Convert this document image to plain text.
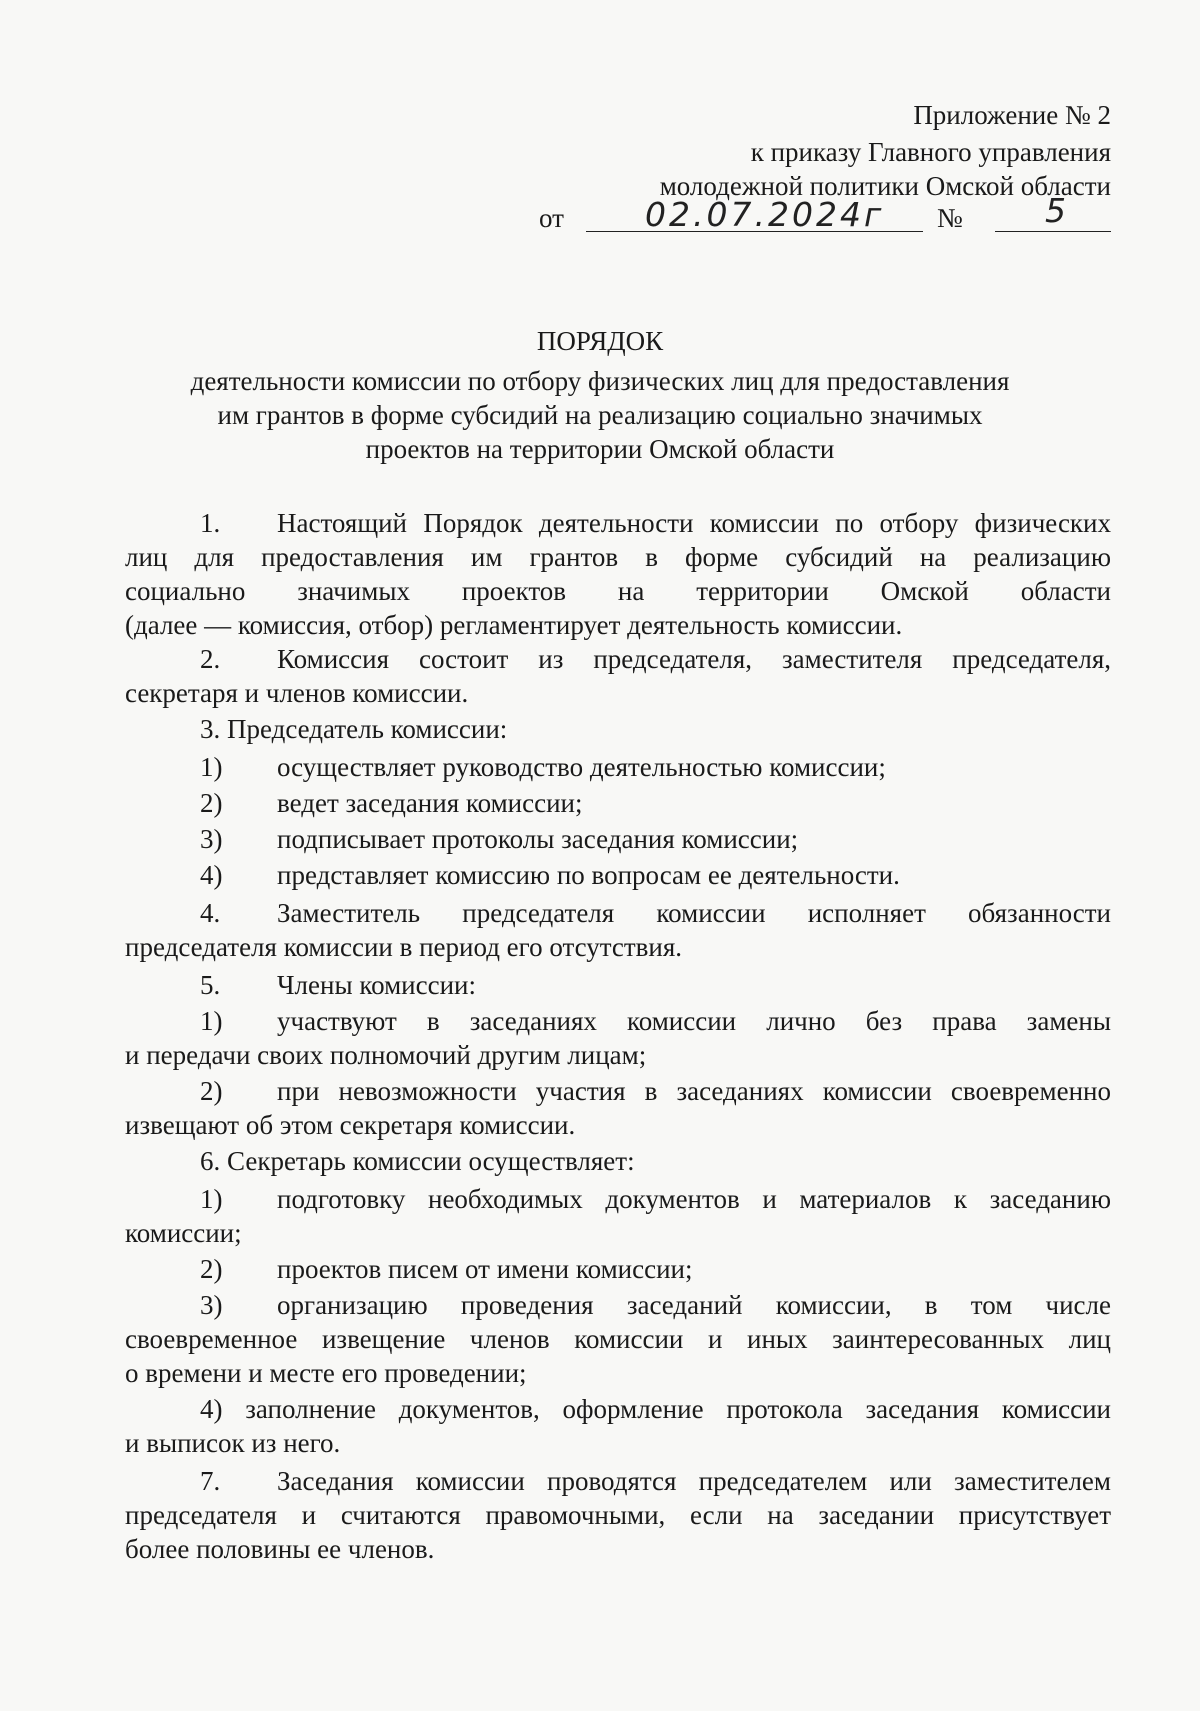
Приложение № 2
к приказу Главного управления
молодежной политики Омской области
от 02.07.2024г № 5
ПОРЯДОК
деятельности комиссии по отбору физических лиц для предоставления
им грантов в форме субсидий на реализацию социально значимых
проектов на территории Омской области
1. Настоящий Порядок деятельности комиссии по отбору физических
лиц для предоставления им грантов в форме субсидий на реализацию
социально значимых проектов на территории Омской области
(далее — комиссия, отбор) регламентирует деятельность комиссии.
2. Комиссия состоит из председателя, заместителя председателя,
секретаря и членов комиссии.
3. Председатель комиссии:
1) осуществляет руководство деятельностью комиссии;
2) ведет заседания комиссии;
3) подписывает протоколы заседания комиссии;
4) представляет комиссию по вопросам ее деятельности.
4. Заместитель председателя комиссии исполняет обязанности
председателя комиссии в период его отсутствия.
5. Члены комиссии:
1) участвуют в заседаниях комиссии лично без права замены
и передачи своих полномочий другим лицам;
2) при невозможности участия в заседаниях комиссии своевременно
извещают об этом секретаря комиссии.
6. Секретарь комиссии осуществляет:
1) подготовку необходимых документов и материалов к заседанию
комиссии;
2) проектов писем от имени комиссии;
3) организацию проведения заседаний комиссии, в том числе
своевременное извещение членов комиссии и иных заинтересованных лиц
о времени и месте его проведении;
4) заполнение документов, оформление протокола заседания комиссии
и выписок из него.
7. Заседания комиссии проводятся председателем или заместителем
председателя и считаются правомочными, если на заседании присутствует
более половины ее членов.
